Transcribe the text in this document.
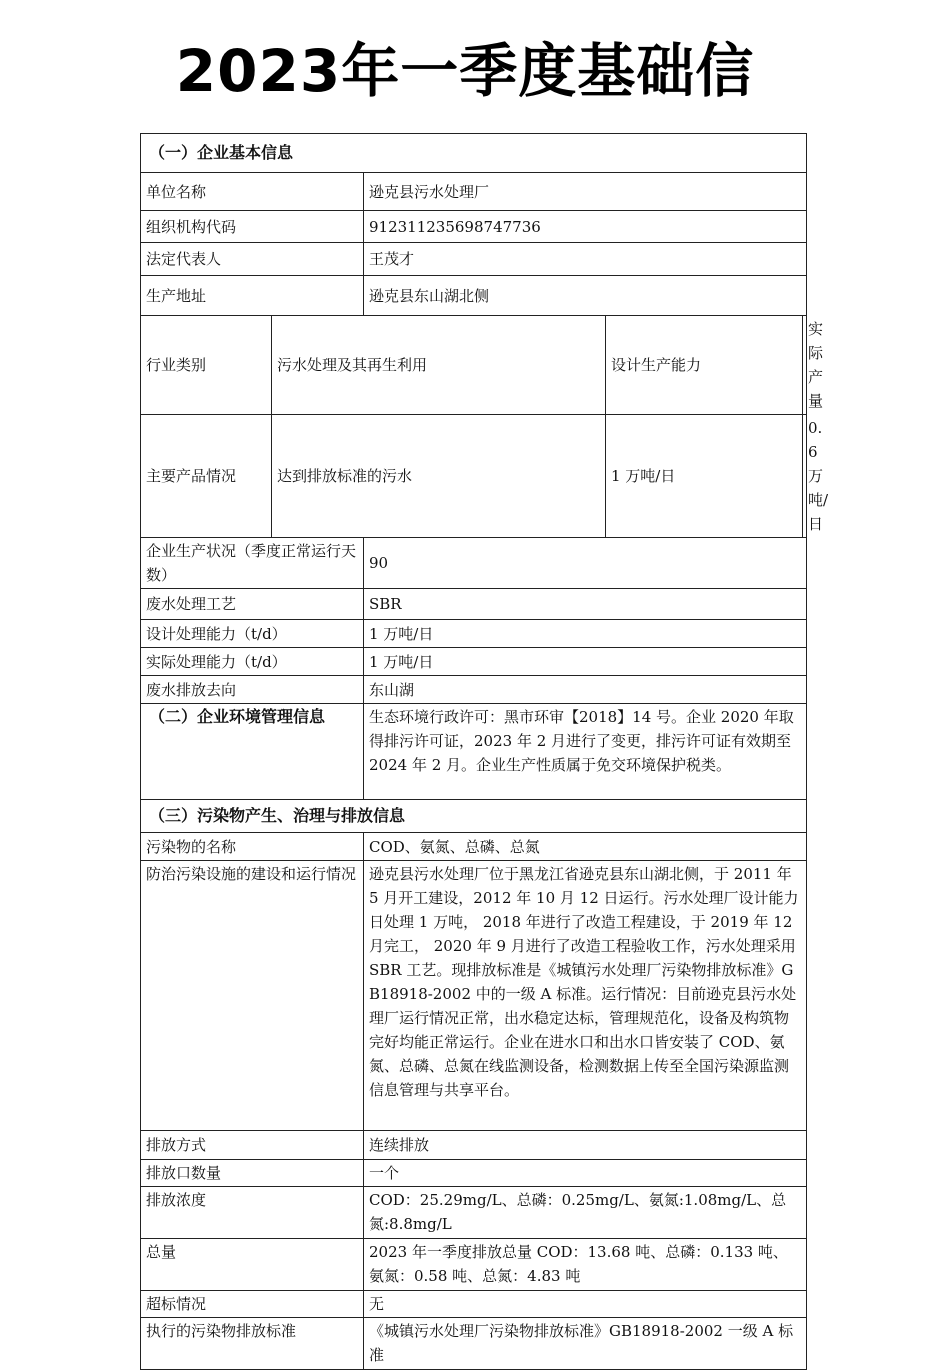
2023年一季度基础信
（一）企业基本信息
单位名称	逊克县污水处理厂
组织机构代码	912311235698747736
法定代表人	王茂才
生产地址	逊克县东山湖北侧
行业类别	污水处理及其再生利用		设计生产能力	实际产量

主要产品情况	达到排放标准的污水		1 万吨/日	0.6 万吨/日

企业生产状况（季度正常运行天数）	90
废水处理工艺	SBR
设计处理能力（t/d）	1 万吨/日
实际处理能力（t/d）	1 万吨/日
废水排放去向	东山湖
（二）企业环境管理信息	生态环境行政许可：黑市环审【2018】14 号。企业 2020 年取得排污许可证，2023 年 2 月进行了变更，排污许可证有效期至 2024 年 2 月。企业生产性质属于免交环境保护税类。
（三）污染物产生、治理与排放信息
污染物的名称	COD、氨氮、总磷、总氮
防治污染设施的建设和运行情况	逊克县污水处理厂位于黑龙江省逊克县东山湖北侧，于 2011 年 5 月开工建设，2012 年 10 月 12 日运行。污水处理厂设计能力日处理 1 万吨， 2018 年进行了改造工程建设，于 2019 年 12 月完工， 2020 年 9 月进行了改造工程验收工作，污水处理采用 SBR 工艺。现排放标准是《城镇污水处理厂污染物排放标准》GB18918-2002 中的一级 A 标准。运行情况：目前逊克县污水处理厂运行情况正常，出水稳定达标，管理规范化，设备及构筑物完好均能正常运行。企业在进水口和出水口皆安装了 COD、氨氮、总磷、总氮在线监测设备，检测数据上传至全国污染源监测信息管理与共享平台。
排放方式	连续排放
排放口数量	一个
排放浓度	COD：25.29mg/L、总磷：0.25mg/L、氨氮:1.08mg/L、总氮:8.8mg/L
总量	2023 年一季度排放总量 COD：13.68 吨、总磷：0.133 吨、氨氮：0.58 吨、总氮：4.83 吨
超标情况	无
执行的污染物排放标准	《城镇污水处理厂污染物排放标准》GB18918-2002 一级 A 标准
